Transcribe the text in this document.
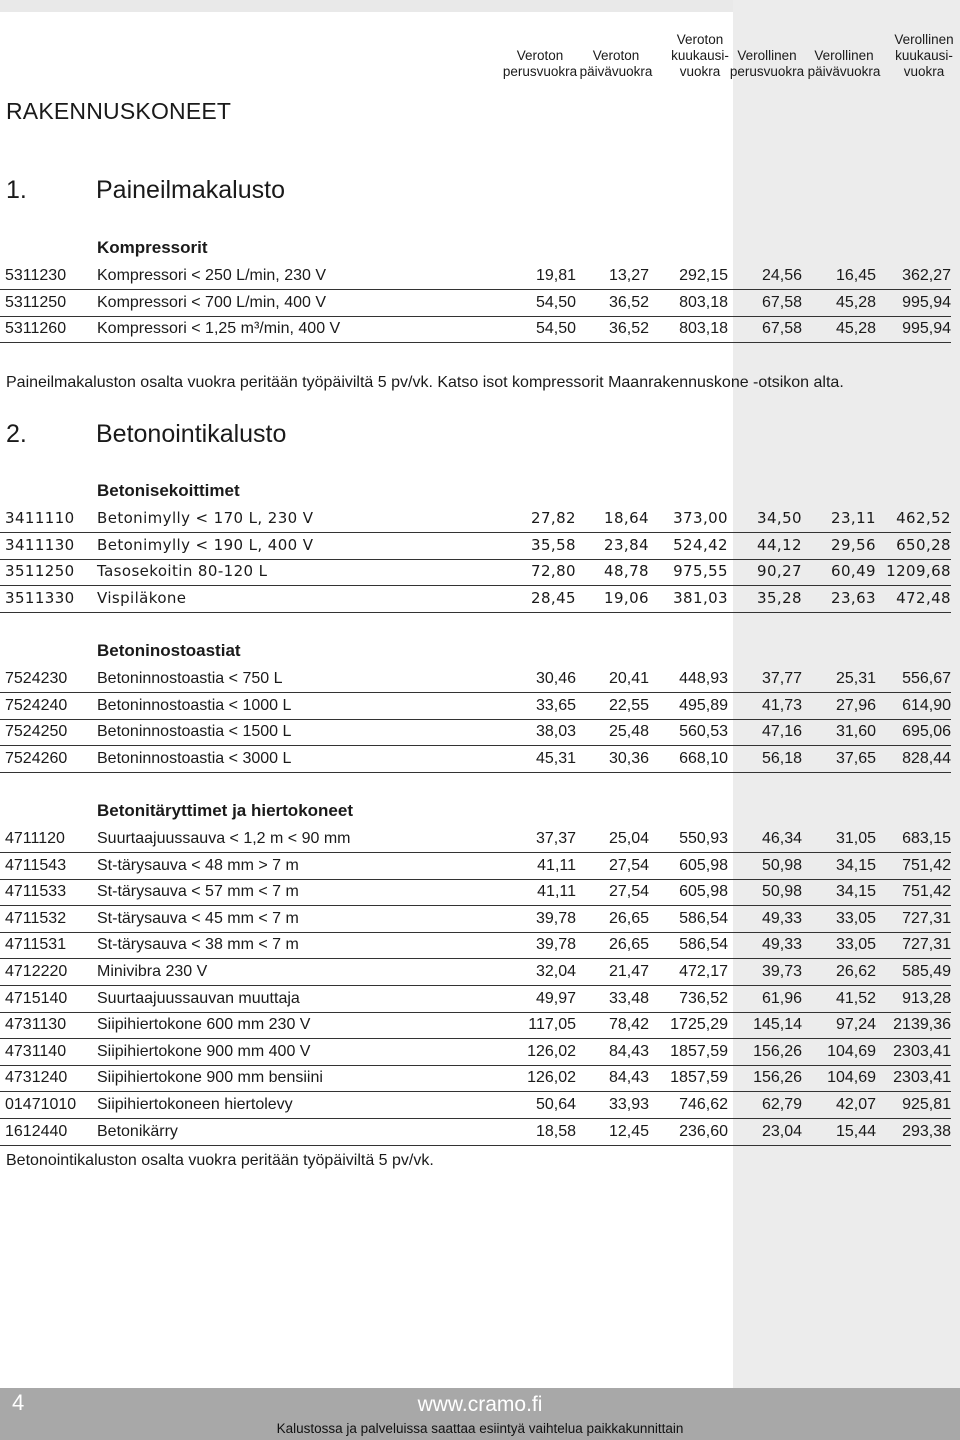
Veroton
perusvuokra
Veroton
päivävuokra
Veroton
kuukausi-
vuokra
Verollinen
perusvuokra
Verollinen
päivävuokra
Verollinen
kuukausi-
vuokra
RAKENNUSKONEET
1.	Paineilmakalusto
2.	Betonointikalusto
Kompressorit
Betonisekoittimet
Betoninostoastiat
Betonitäryttimet ja hiertokoneet
5311230 Kompressori < 250 L/min, 230 V	19,81 13,27 292,15 24,56 16,45 362,27
5311250 Kompressori < 700 L/min, 400 V	54,50 36,52 803,18 67,58 45,28 995,94
5311260 Kompressori < 1,25 m³/min, 400 V	54,50 36,52 803,18 67,58 45,28 995,94
3411110 Betonimylly < 170 L, 230 V	27,82 18,64 373,00 34,50 23,11 462,52
3411130 Betonimylly < 190 L, 400 V	35,58 23,84 524,42 44,12 29,56 650,28
3511250 Tasosekoitin 80-120 L	72,80 48,78 975,55 90,27 60,49 1209,68
3511330 Vispiläkone	28,45 19,06 381,03 35,28 23,63 472,48
7524230 Betoninnostoastia < 750 L	30,46 20,41 448,93 37,77 25,31 556,67
7524240 Betoninnostoastia < 1000 L	33,65 22,55 495,89 41,73 27,96 614,90
7524250 Betoninnostoastia < 1500 L	38,03 25,48 560,53 47,16 31,60 695,06
7524260 Betoninnostoastia < 3000 L	45,31 30,36 668,10 56,18 37,65 828,44
4711120 Suurtaajuussauva < 1,2 m < 90 mm	37,37 25,04 550,93 46,34 31,05 683,15
4711543 St-tärysauva < 48 mm > 7 m	41,11 27,54 605,98 50,98 34,15 751,42
4711533 St-tärysauva < 57 mm < 7 m	41,11 27,54 605,98 50,98 34,15 751,42
4711532 St-tärysauva < 45 mm < 7 m	39,78 26,65 586,54 49,33 33,05 727,31
4711531 St-tärysauva < 38 mm < 7 m	39,78 26,65 586,54 49,33 33,05 727,31
4712220 Minivibra 230 V	32,04 21,47 472,17 39,73 26,62 585,49
4715140 Suurtaajuussauvan muuttaja	49,97 33,48 736,52 61,96 41,52 913,28
4731130 Siipihiertokone 600 mm 230 V	117,05 78,42 1725,29 145,14 97,24 2139,36
4731140 Siipihiertokone 900 mm 400 V	126,02 84,43 1857,59 156,26 104,69 2303,41
4731240 Siipihiertokone 900 mm bensiini	126,02 84,43 1857,59 156,26 104,69 2303,41
01471010 Siipihiertokoneen hiertolevy	50,64 33,93 746,62 62,79 42,07 925,81
1612440 Betonikärry	18,58 12,45 236,60 23,04 15,44 293,38
Paineilmakaluston osalta vuokra peritään työpäiviltä 5 pv/vk. Katso isot kompressorit Maanrakennuskone -otsikon alta.
Betonointikaluston osalta vuokra peritään työpäiviltä 5 pv/vk.
4	www.cramo.fi
Kalustossa ja palveluissa saattaa esiintyä vaihtelua paikkakunnittain
